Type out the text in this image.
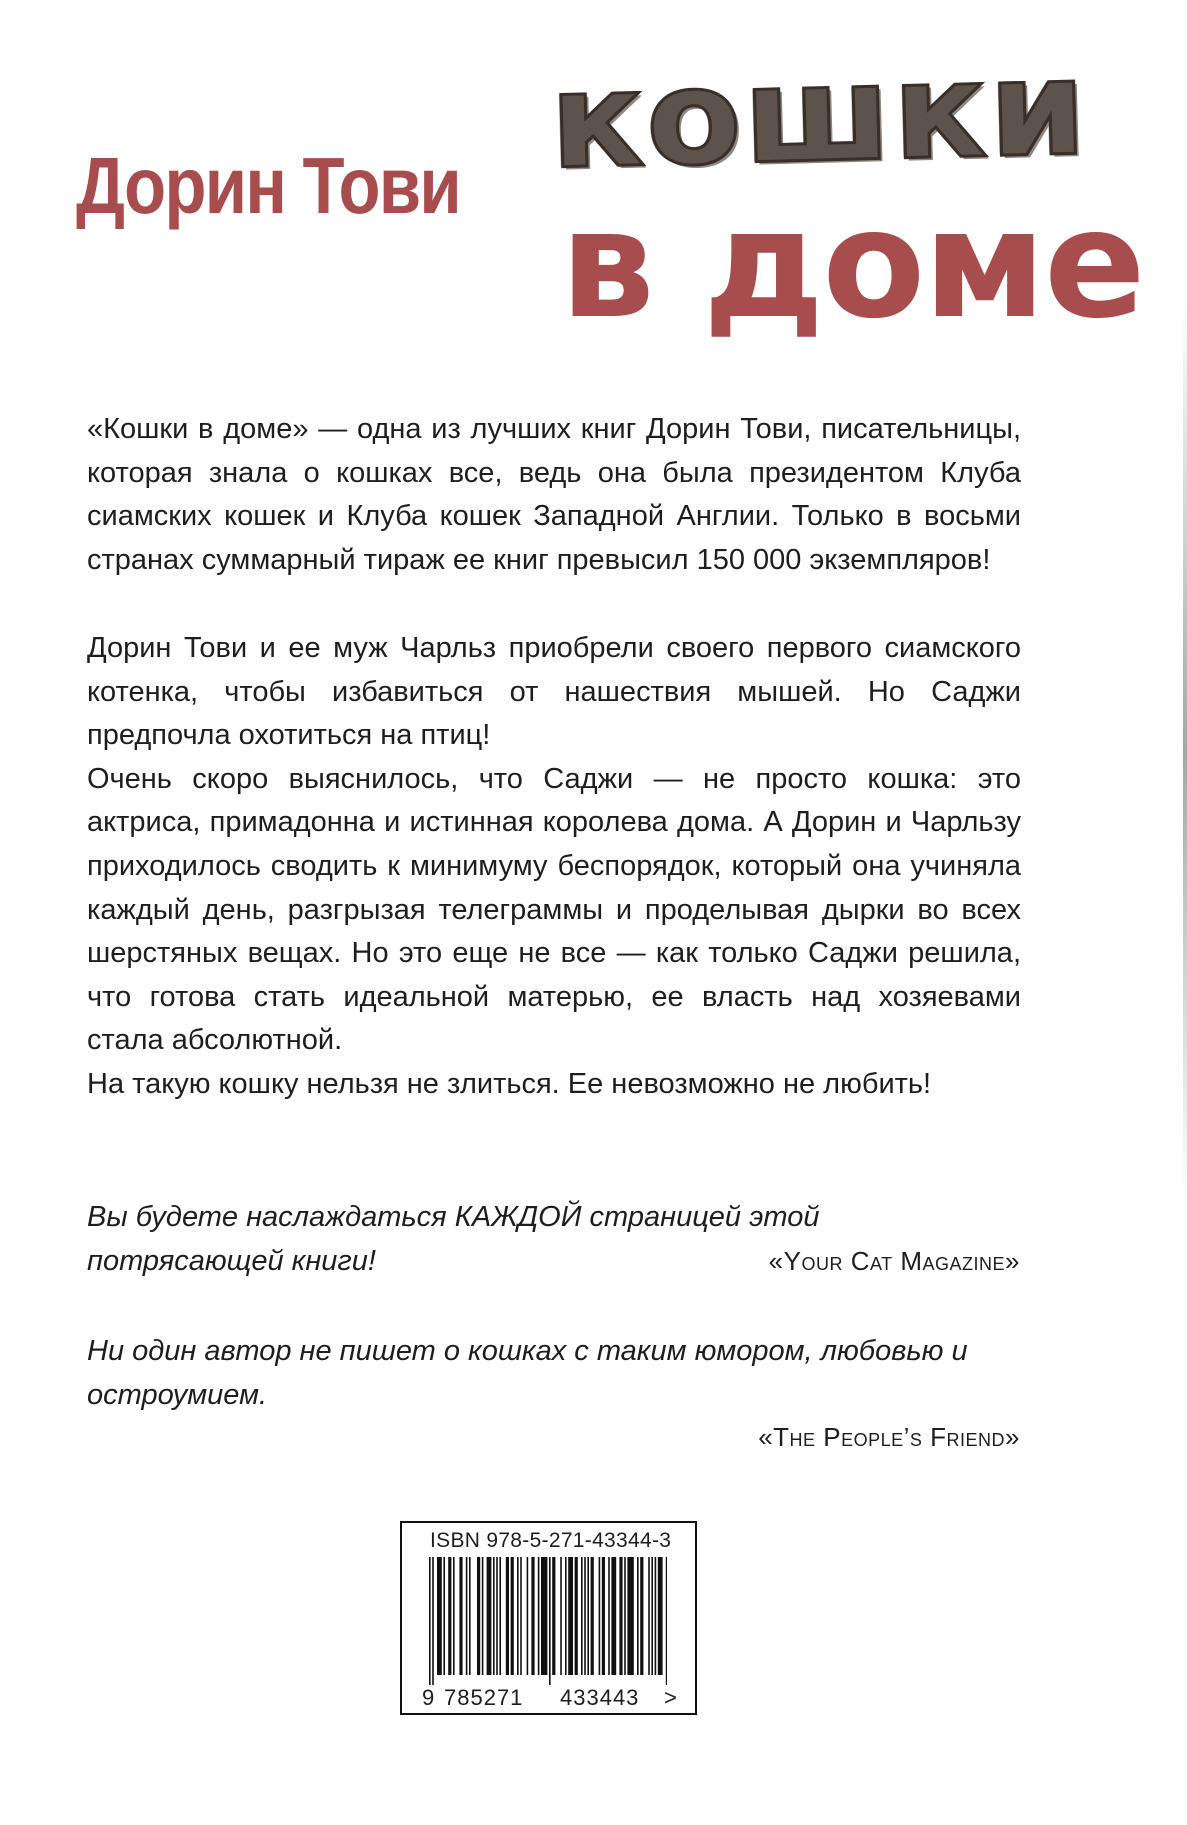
Дорин Тови кошки
в доме

«Кошки в доме» — одна из лучших книг Дорин Тови, писательницы, которая знала о кошках все, ведь она была президентом Клуба сиамских кошек и Клуба кошек Западной Англии. Только в восьми странах суммарный тираж ее книг превысил 150 000 экземпляров!

Дорин Тови и ее муж Чарльз приобрели своего первого сиамского котенка, чтобы избавиться от нашествия мышей. Но Саджи предпочла охотиться на птиц!

Очень скоро выяснилось, что Саджи — не просто кошка: это актриса, примадонна и истинная королева дома. А Дорин и Чарльзу приходилось сводить к минимуму беспорядок, который она учиняла каждый день, разгрызая телеграммы и проделывая дырки во всех шерстяных вещах. Но это еще не все — как только Саджи решила, что готова стать идеальной матерью, ее власть над хозяевами стала абсолютной.

На такую кошку нельзя не злиться. Ее невозможно не любить!

Вы будете наслаждаться КАЖДОЙ страницей этой потрясающей книги!	«Your Cat Magazine»
Ни один автор не пишет о кошках с таким юмором, любовью и остроумием.
«The People’s Friend»
ISBN 978-5-271-43344-3
9 785271 433443 >
